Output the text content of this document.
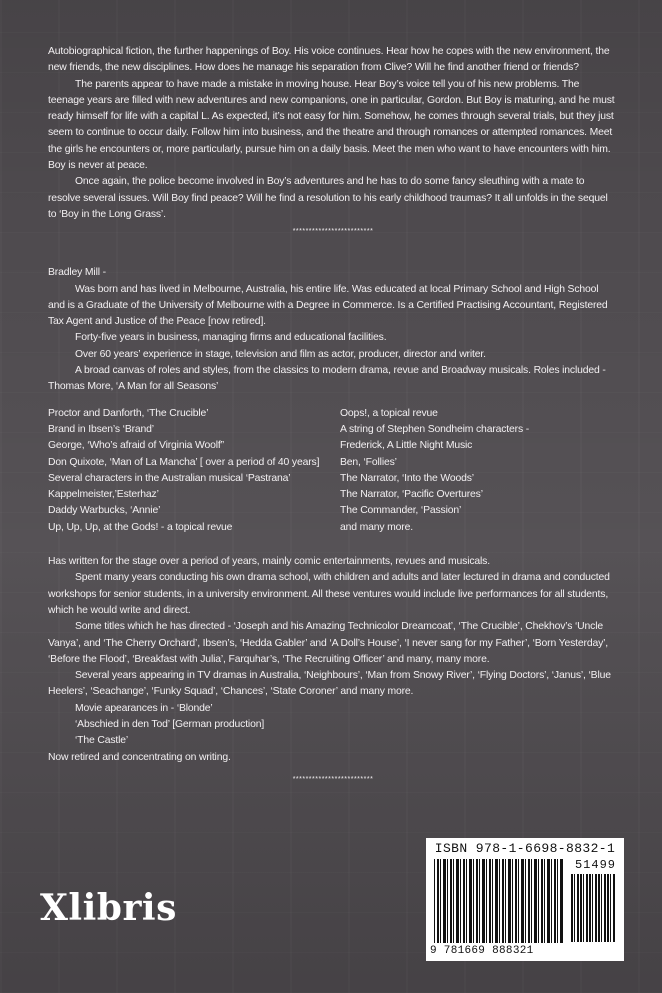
Autobiographical fiction, the further happenings of Boy. His voice continues. Hear how he copes with the new environment, the new friends, the new disciplines. How does he manage his separation from Clive? Will he find another friend or friends?

The parents appear to have made a mistake in moving house. Hear Boy’s voice tell you of his new problems. The teenage years are filled with new adventures and new companions, one in particular, Gordon. But Boy is maturing, and he must ready himself for life with a capital L. As expected, it’s not easy for him. Somehow, he comes through several trials, but they just seem to continue to occur daily. Follow him into business, and the theatre and through romances or attempted romances. Meet the girls he encounters or, more particularly, pursue him on a daily basis. Meet the men who want to have encounters with him. Boy is never at peace.

Once again, the police become involved in Boy’s adventures and he has to do some fancy sleuthing with a mate to resolve several issues. Will Boy find peace? Will he find a resolution to his early childhood traumas? It all unfolds in the sequel to ‘Boy in the Long Grass’.

*************************

Bradley Mill -

Was born and has lived in Melbourne, Australia, his entire life. Was educated at local Primary School and High School and is a Graduate of the University of Melbourne with a Degree in Commerce. Is a Certified Practising Accountant, Registered Tax Agent and Justice of the Peace [now retired].

Forty-five years in business, managing firms and educational facilities.

Over 60 years’ experience in stage, television and film as actor, producer, director and writer.

A broad canvas of roles and styles, from the classics to modern drama, revue and Broadway musicals. Roles included - Thomas More, ‘A Man for all Seasons’

Proctor and Danforth, ‘The Crucible’

Brand in Ibsen’s ‘Brand’

George, ‘Who’s afraid of Virginia Woolf”

Don Quixote, ‘Man of La Mancha’ [ over a period of 40 years]

Several characters in the Australian musical ‘Pastrana’

Kappelmeister,’Esterhaz’

Daddy Warbucks, ‘Annie’

Up, Up, Up, at the Gods! - a topical revue

Oops!, a topical revue

A string of Stephen Sondheim characters -

Frederick, A Little Night Music

Ben, ‘Follies’

The Narrator, ‘Into the Woods’

The Narrator, ‘Pacific Overtures’

The Commander, ‘Passion’

and many more.

Has written for the stage over a period of years, mainly comic entertainments, revues and musicals.

Spent many years conducting his own drama school, with children and adults and later lectured in drama and conducted workshops for senior students, in a university environment. All these ventures would include live performances for all students, which he would write and direct.

Some titles which he has directed - ‘Joseph and his Amazing Technicolor Dreamcoat’, ‘The Crucible’, Chekhov’s ‘Uncle Vanya’, and ‘The Cherry Orchard’, Ibsen’s, ‘Hedda Gabler’ and ‘A Doll’s House’, ‘I never sang for my Father’, ‘Born Yesterday’, ‘Before the Flood’, ‘Breakfast with Julia’, Farquhar’s, ‘The Recruiting Officer’ and many, many more.

Several years appearing in TV dramas in Australia, ‘Neighbours’, ‘Man from Snowy River’, ‘Flying Doctors’, ‘Janus’, ‘Blue Heelers’, ‘Seachange’, ‘Funky Squad’, ‘Chances’, ‘State Coroner’ and many more.

Movie apearances in - ‘Blonde’

‘Abschied in den Tod’ [German production]

‘The Castle’

Now retired and concentrating on writing.

*************************

Xlibris
ISBN 978-1-6698-8832-1
51499
9 781669 888321
